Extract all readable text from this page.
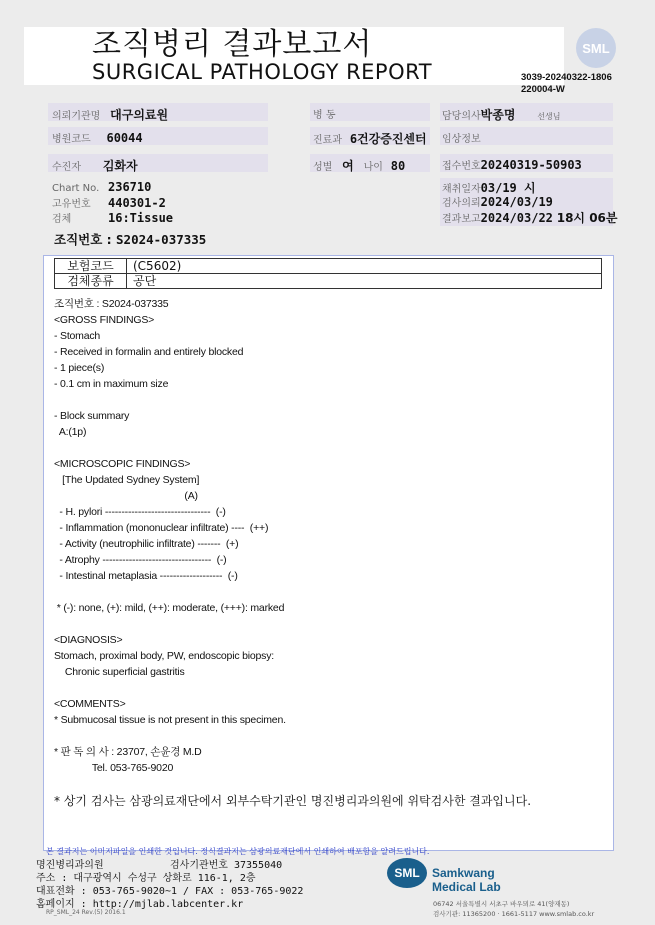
조직병리 결과보고서
SURGICAL PATHOLOGY REPORT
SML
3039-20240322-1806
220004-W
의뢰기관명 대구의료원	병 동	담당의사박종명	선생님
병원코드 60044	진료과 6건강증진센터 임상정보
수진자 김화자	성별 여 나이 80	접수번호20240319-50903
Chart No. 236710
고유번호 440301-2
검체	16:Tissue
채취일자03/19 시
검사의뢰2024/03/19
결과보고2024/03/22 18시 06분
조직번호 : S2024-037335
보험코드	(C5602)
검체종류	공단
조직번호 : S2024-037335
<GROSS FINDINGS>
- Stomach
- Received in formalin and entirely blocked
- 1 piece(s)
- 0.1 cm in maximum size

- Block summary
A:(1p)

<MICROSCOPIC FINDINGS>
[The Updated Sydney System]
(A)
- H. pylori --------------------------------  (-)
- Inflammation (mononuclear infiltrate) ----  (++)
- Activity (neutrophilic infiltrate) -------  (+)
- Atrophy ---------------------------------  (-)
- Intestinal metaplasia -------------------  (-)

* (-): none, (+): mild, (++): moderate, (+++): marked

<DIAGNOSIS>
Stomach, proximal body, PW, endoscopic biopsy:
Chronic superficial gastritis

<COMMENTS>
* Submucosal tissue is not present in this specimen.

* 판 독 의 사 : 23707, 손윤경 M.D
Tel. 053-765-9020
* 상기 검사는 삼광의료재단에서 외부수탁기관인 명진병리과의원에 위탁검사한 결과입니다.
본 결과지는 이미지파일을 인쇄한 것입니다. 정식결과지는 삼광의료재단에서 인쇄하여 배포함을 알려드립니다.
명진병리과의원	검사기관번호 37355040
주소 : 대구광역시 수성구 상화로 116-1, 2층
대표전화 : 053-765-9020~1 / FAX : 053-765-9022
홈페이지 : http://mjlab.labcenter.kr
RP_SML_24 Rev.(5) 2016.1
SML	Samkwang
Medical Lab
06742 서울특별시 서초구 바우뫼로 41(양재동)
검사기관: 11365200 · 1661-5117 www.smlab.co.kr
